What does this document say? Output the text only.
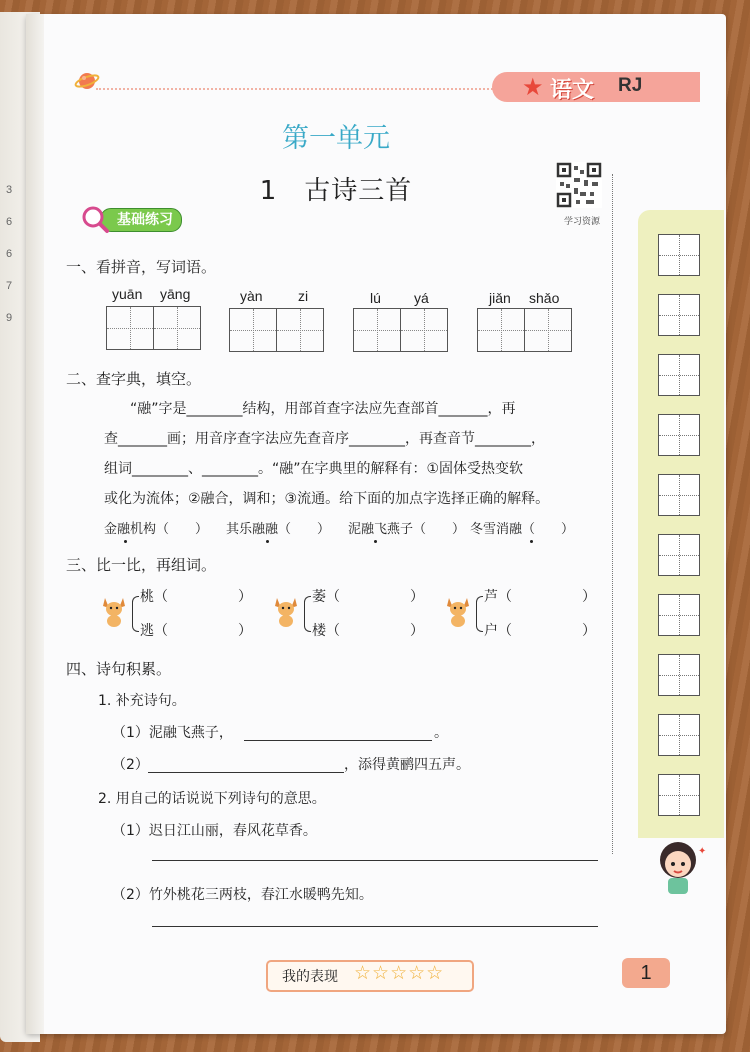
3
6
6
7
9
★ 语文 RJ
第一单元
1　古诗三首
学习资源
✦
基础练习
一、看拼音，写词语。
yuān yāng	yàn	zi	lú yá	jiǎn shǎo
二、查字典，填空。
“融”字是________结构，用部首查字法应先查部首_______，再
查_______画；用音序查字法应先查音序________，再查音节________，
组词________、________。“融”在字典里的解释有：①固体受热变软
或化为流体；②融合，调和；③流通。给下面的加点字选择正确的解释。
金融机构（　　） 其乐融融（　　） 泥融飞燕子（　　） 冬雪消融（　　）
三、比一比，再组词。
桃（　　　　　）
逃（　　　　　）
萎（　　　　　）
楼（　　　　　）
芦（　　　　　）
户（　　　　　）
四、诗句积累。
1. 补充诗句。
（1）泥融飞燕子，	。
（2）	，添得黄鹂四五声。
2. 用自己的话说说下列诗句的意思。
（1）迟日江山丽，春风花草香。
（2）竹外桃花三两枝，春江水暖鸭先知。
我的表现 ☆☆☆☆☆	1
